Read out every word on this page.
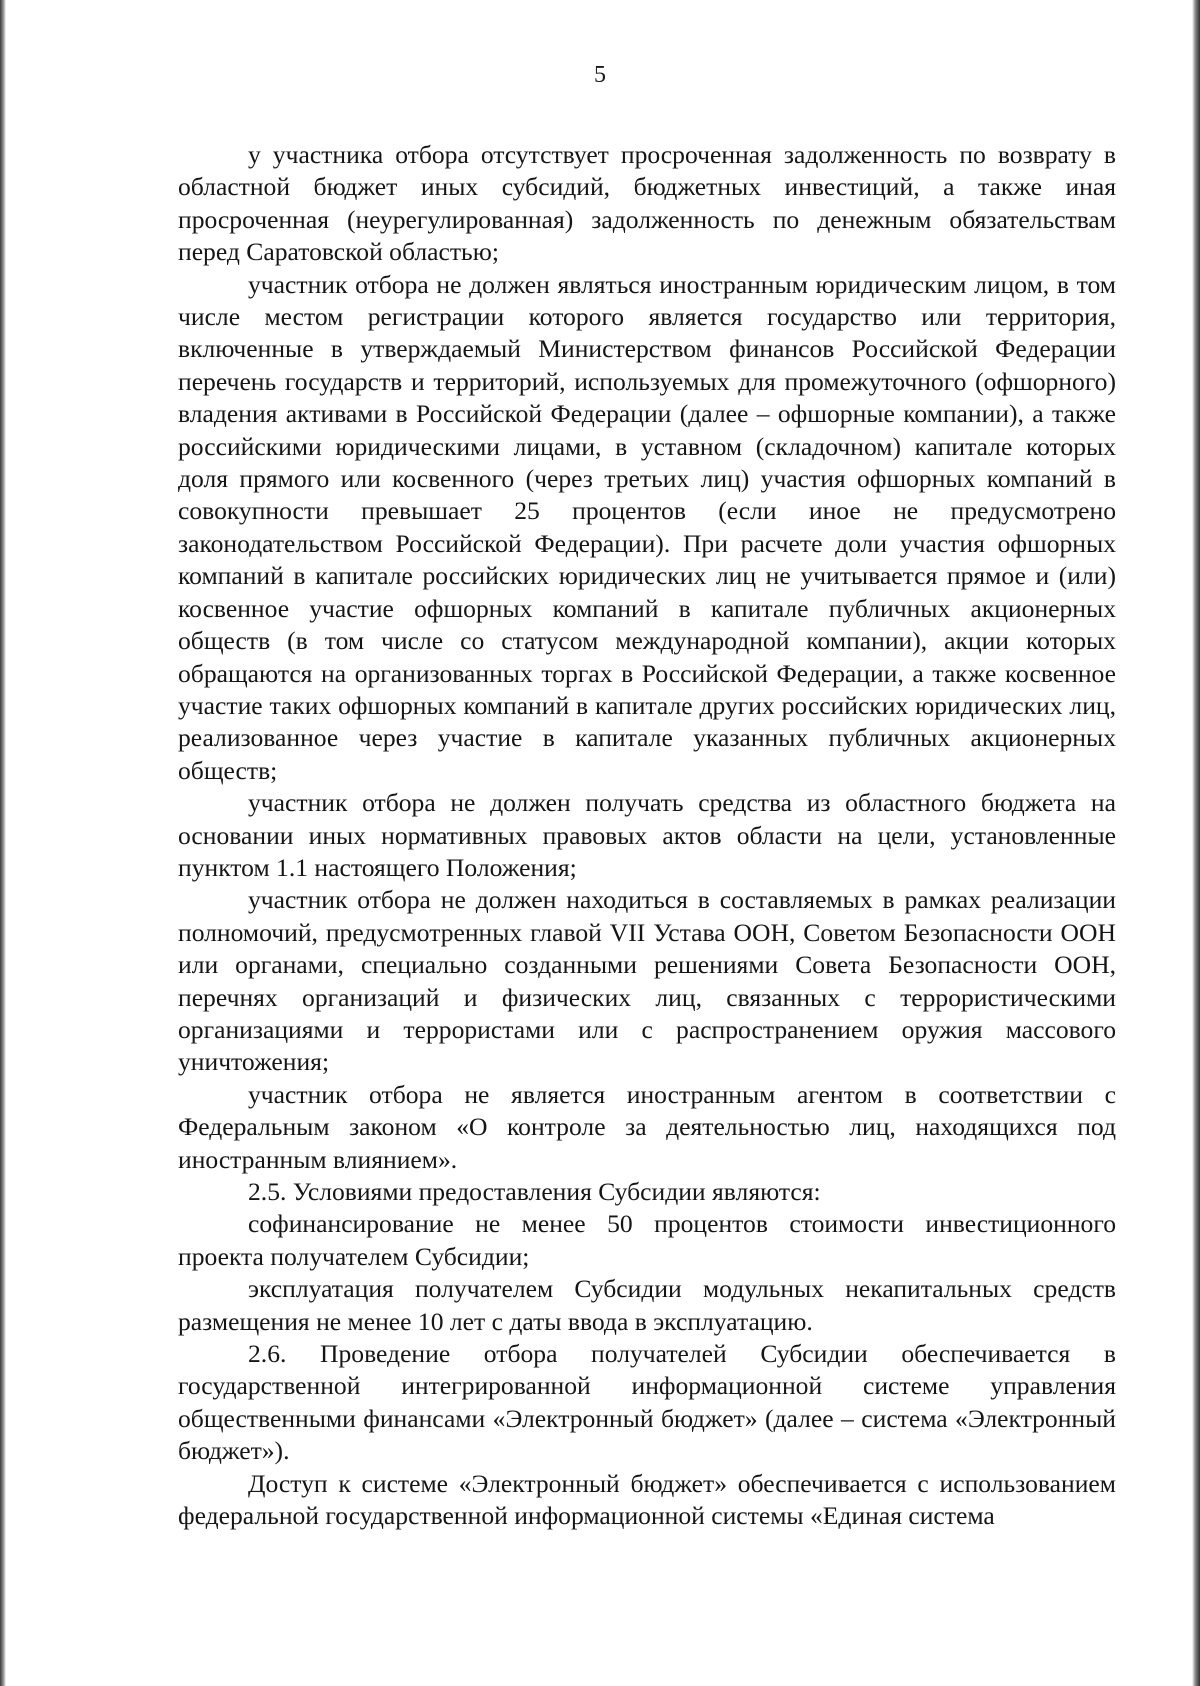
5

у участника отбора отсутствует просроченная задолженность по возврату в областной бюджет иных субсидий, бюджетных инвестиций, а также иная просроченная (неурегулированная) задолженность по денежным обязательствам перед Саратовской областью;

участник отбора не должен являться иностранным юридическим лицом, в том числе местом регистрации которого является государство или территория, включенные в утверждаемый Министерством финансов Российской Федерации перечень государств и территорий, используемых для промежуточного (офшорного) владения активами в Российской Федерации (далее – офшорные компании), а также российскими юридическими лицами, в уставном (складочном) капитале которых доля прямого или косвенного (через третьих лиц) участия офшорных компаний в совокупности превышает 25 процентов (если иное не предусмотрено законодательством Российской Федерации). При расчете доли участия офшорных компаний в капитале российских юридических лиц не учитывается прямое и (или) косвенное участие офшорных компаний в капитале публичных акционерных обществ (в том числе со статусом международной компании), акции которых обращаются на организованных торгах в Российской Федерации, а также косвенное участие таких офшорных компаний в капитале других российских юридических лиц, реализованное через участие в капитале указанных публичных акционерных обществ;

участник отбора не должен получать средства из областного бюджета на основании иных нормативных правовых актов области на цели, установленные пунктом 1.1 настоящего Положения;

участник отбора не должен находиться в составляемых в рамках реализации полномочий, предусмотренных главой VII Устава ООН, Советом Безопасности ООН или органами, специально созданными решениями Совета Безопасности ООН, перечнях организаций и физических лиц, связанных с террористическими организациями и террористами или с распространением оружия массового уничтожения;

участник отбора не является иностранным агентом в соответствии с Федеральным законом «О контроле за деятельностью лиц, находящихся под иностранным влиянием».

2.5. Условиями предоставления Субсидии являются:

софинансирование не менее 50 процентов стоимости инвестиционного проекта получателем Субсидии;

эксплуатация получателем Субсидии модульных некапитальных средств размещения не менее 10 лет с даты ввода в эксплуатацию.

2.6. Проведение отбора получателей Субсидии обеспечивается в государственной интегрированной информационной системе управления общественными финансами «Электронный бюджет» (далее – система «Электронный бюджет»).

Доступ к системе «Электронный бюджет» обеспечивается с использованием федеральной государственной информационной системы «Единая система
